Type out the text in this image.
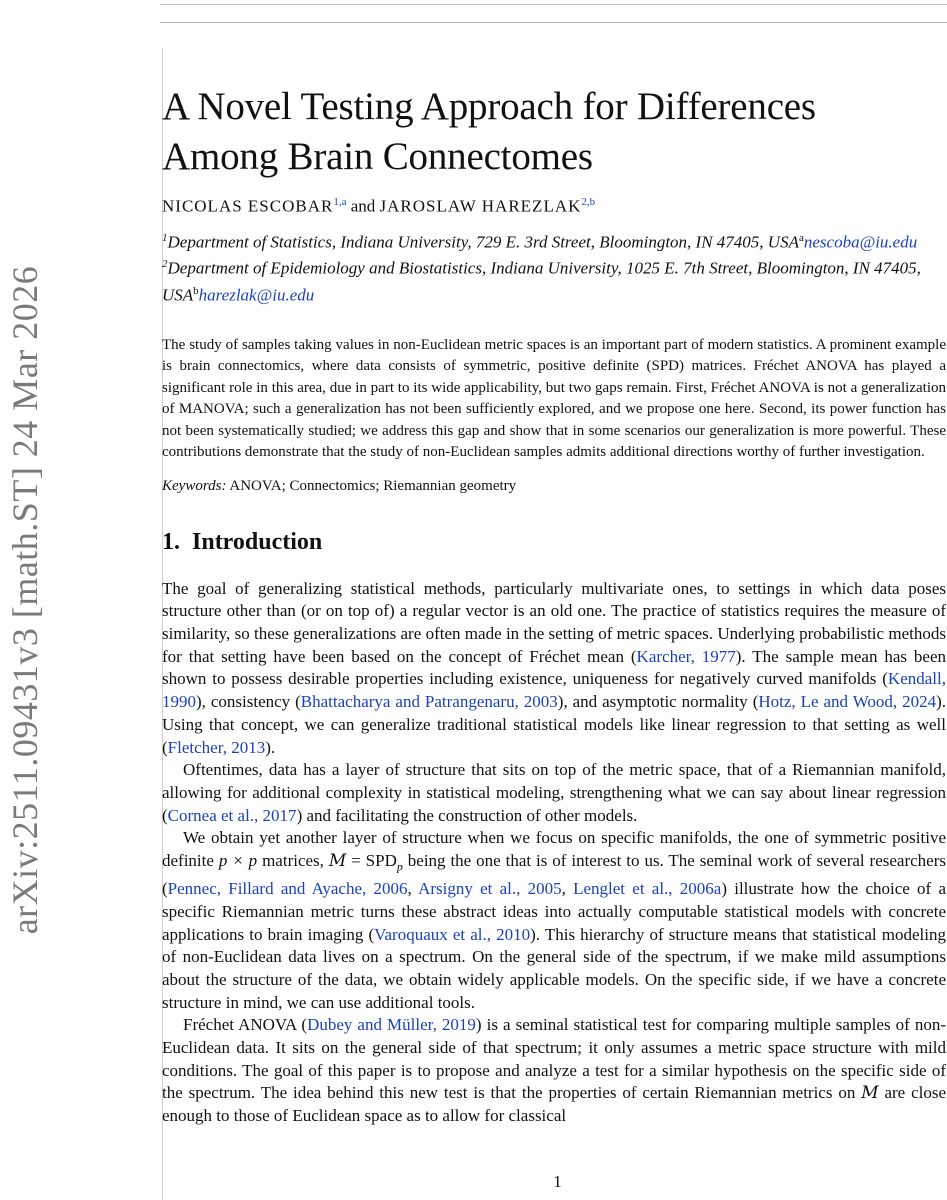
arXiv:2511.09431v3 [math.ST] 24 Mar 2026
A Novel Testing Approach for Differences
Among Brain Connectomes
NICOLAS ESCOBAR$^{1,a}$ and JAROSLAW HAREZLAK$^{2,b}$
$^1$Department of Statistics, Indiana University, 729 E. 3rd Street, Bloomington, IN 47405, USA$^a$nescoba@iu.edu
$^2$Department of Epidemiology and Biostatistics, Indiana University, 1025 E. 7th Street, Bloomington, IN 47405, USA$^b$harezlak@iu.edu
The study of samples taking values in non-Euclidean metric spaces is an important part of modern statistics. A prominent example is brain connectomics, where data consists of symmetric, positive definite (SPD) matrices. Fréchet ANOVA has played a significant role in this area, due in part to its wide applicability, but two gaps remain. First, Fréchet ANOVA is not a generalization of MANOVA; such a generalization has not been sufficiently explored, and we propose one here. Second, its power function has not been systematically studied; we address this gap and show that in some scenarios our generalization is more powerful. These contributions demonstrate that the study of non-Euclidean samples admits additional directions worthy of further investigation.
Keywords: ANOVA; Connectomics; Riemannian geometry
1. Introduction

The goal of generalizing statistical methods, particularly multivariate ones, to settings in which data poses structure other than (or on top of) a regular vector is an old one. The practice of statistics requires the measure of similarity, so these generalizations are often made in the setting of metric spaces. Underlying probabilistic methods for that setting have been based on the concept of Fréchet mean (Karcher, 1977). The sample mean has been shown to possess desirable properties including existence, uniqueness for negatively curved manifolds (Kendall, 1990), consistency (Bhattacharya and Patrangenaru, 2003), and asymptotic normality (Hotz, Le and Wood, 2024). Using that concept, we can generalize traditional statistical models like linear regression to that setting as well (Fletcher, 2013).

Oftentimes, data has a layer of structure that sits on top of the metric space, that of a Riemannian manifold, allowing for additional complexity in statistical modeling, strengthening what we can say about linear regression (Cornea et al., 2017) and facilitating the construction of other models.

We obtain yet another layer of structure when we focus on specific manifolds, the one of symmetric positive definite p × p matrices, $M = SPD_p$ being the one that is of interest to us. The seminal work of several researchers (Pennec, Fillard and Ayache, 2006, Arsigny et al., 2005, Lenglet et al., 2006a) illustrate how the choice of a specific Riemannian metric turns these abstract ideas into actually computable statistical models with concrete applications to brain imaging (Varoquaux et al., 2010). This hierarchy of structure means that statistical modeling of non-Euclidean data lives on a spectrum. On the general side of the spectrum, if we make mild assumptions about the structure of the data, we obtain widely applicable models. On the specific side, if we have a concrete structure in mind, we can use additional tools.

Fréchet ANOVA (Dubey and Müller, 2019) is a seminal statistical test for comparing multiple samples of non-Euclidean data. It sits on the general side of that spectrum; it only assumes a metric space structure with mild conditions. The goal of this paper is to propose and analyze a test for a similar hypothesis on the specific side of the spectrum. The idea behind this new test is that the properties of certain Riemannian metrics on M are close enough to those of Euclidean space as to allow for classical

1
